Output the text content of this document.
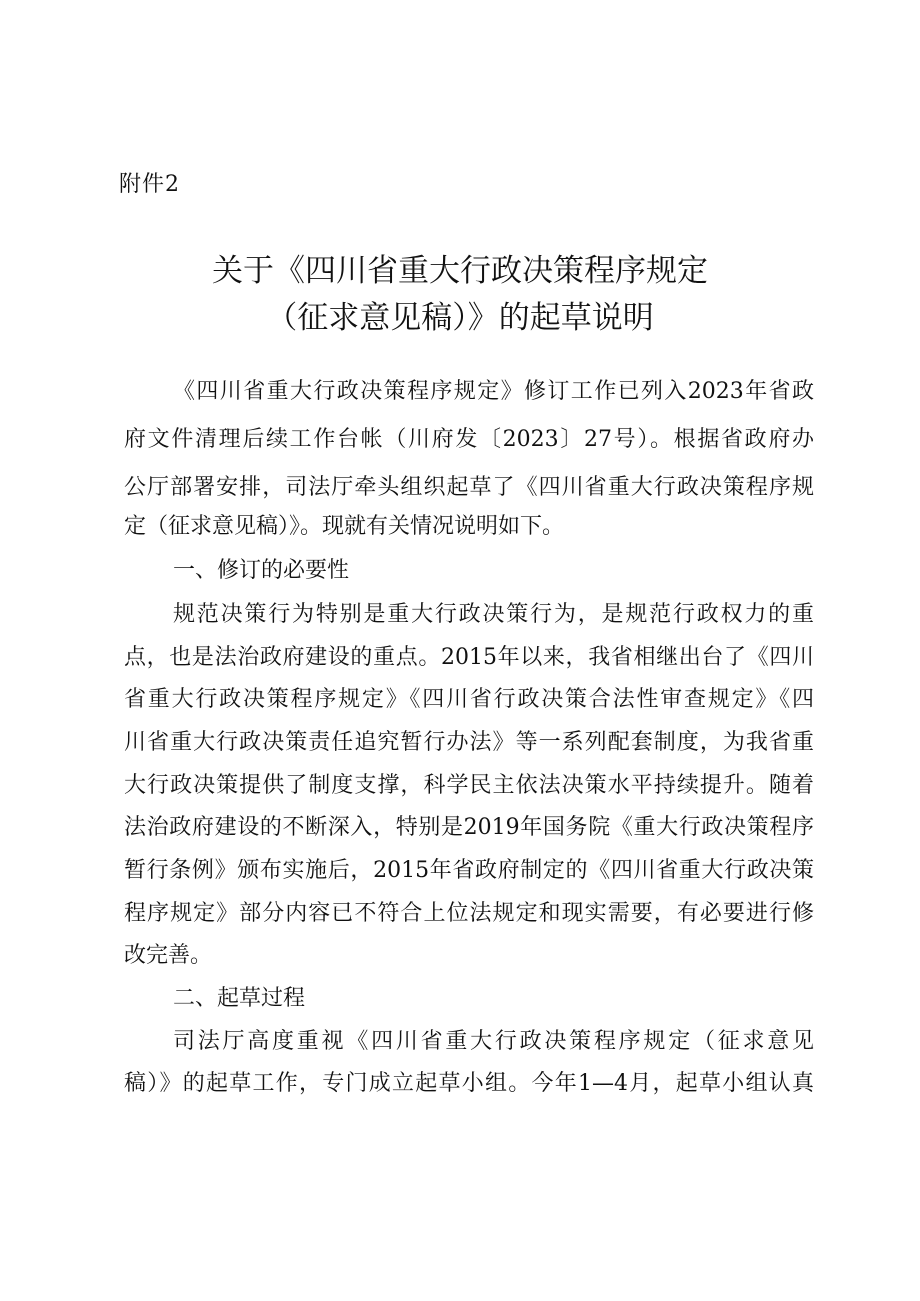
附件2
关于《四川省重大行政决策程序规定
（征求意见稿）》的起草说明
《四川省重大行政决策程序规定》修订工作已列入2023年省政
府文件清理后续工作台帐（川府发〔2023〕27号）。根据省政府办
公厅部署安排，司法厅牵头组织起草了《四川省重大行政决策程序规
定（征求意见稿）》。现就有关情况说明如下。
一、修订的必要性
规范决策行为特别是重大行政决策行为，是规范行政权力的重
点，也是法治政府建设的重点。2015年以来，我省相继出台了《四川
省重大行政决策程序规定》《四川省行政决策合法性审查规定》《四
川省重大行政决策责任追究暂行办法》等一系列配套制度，为我省重
大行政决策提供了制度支撑，科学民主依法决策水平持续提升。随着
法治政府建设的不断深入，特别是2019年国务院《重大行政决策程序
暂行条例》颁布实施后，2015年省政府制定的《四川省重大行政决策
程序规定》部分内容已不符合上位法规定和现实需要，有必要进行修
改完善。
二、起草过程
司法厅高度重视《四川省重大行政决策程序规定（征求意见
稿）》的起草工作，专门成立起草小组。今年1—4月，起草小组认真
